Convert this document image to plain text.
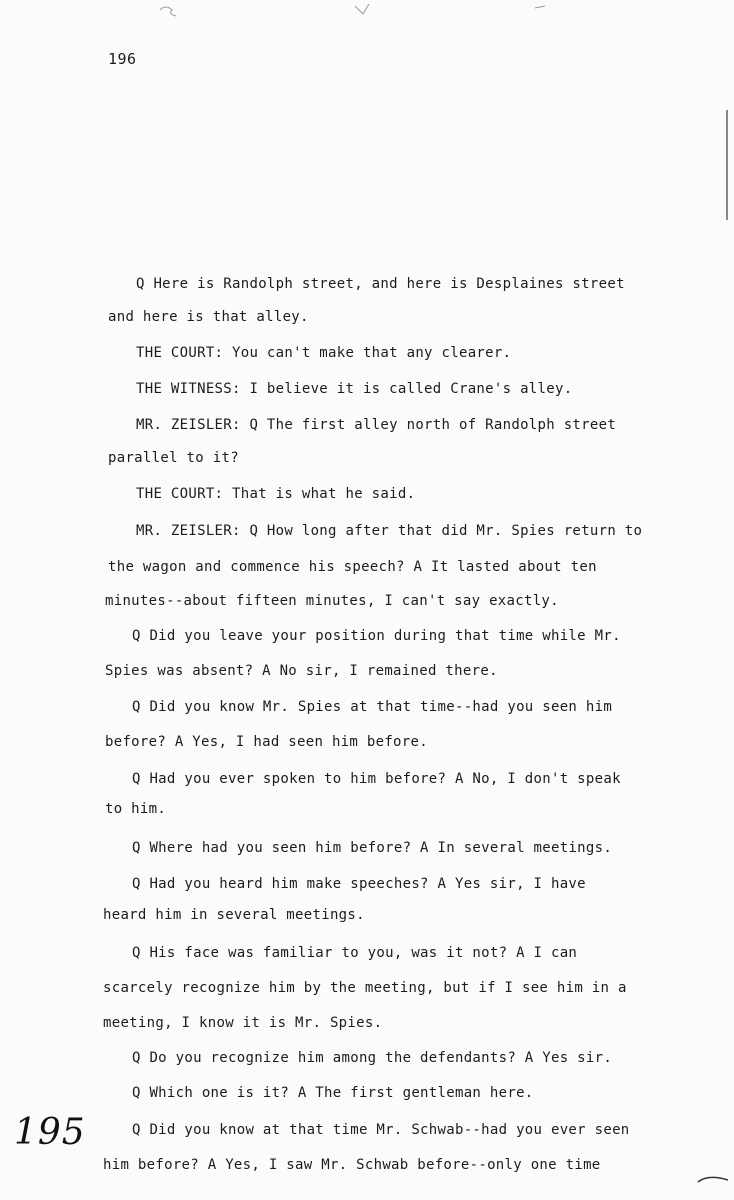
196
Q Here is Randolph street, and here is Desplaines street
and here is that alley.
THE COURT: You can't make that any clearer.
THE WITNESS: I believe it is called Crane's alley.
MR. ZEISLER: Q The first alley north of Randolph street
parallel to it?
THE COURT: That is what he said.
MR. ZEISLER: Q How long after that did Mr. Spies return to
the wagon and commence his speech? A It lasted about ten
minutes--about fifteen minutes, I can't say exactly.
Q Did you leave your position during that time while Mr.
Spies was absent? A No sir, I remained there.
Q Did you know Mr. Spies at that time--had you seen him
before? A Yes, I had seen him before.
Q Had you ever spoken to him before? A No, I don't speak
to him.
Q Where had you seen him before? A In several meetings.
Q Had you heard him make speeches? A Yes sir, I have
heard him in several meetings.
Q His face was familiar to you, was it not? A I can
scarcely recognize him by the meeting, but if I see him in a
meeting, I know it is Mr. Spies.
Q Do you recognize him among the defendants? A Yes sir.
Q Which one is it? A The first gentleman here.
Q Did you know at that time Mr. Schwab--had you ever seen
him before? A Yes, I saw Mr. Schwab before--only one time
195
